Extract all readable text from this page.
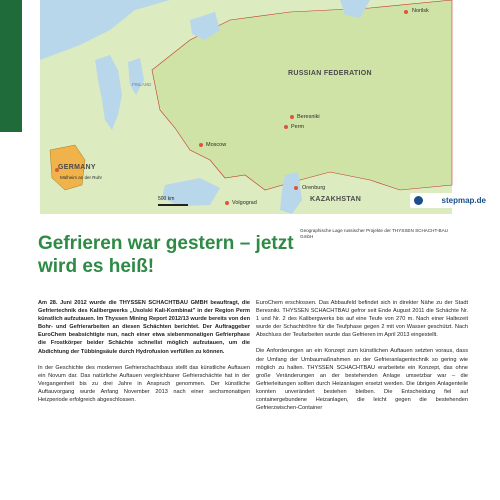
Norilsk
RUSSIAN FEDERATION
FINLAND
Moscow
Beresniki
Perm
KAZAKHSTAN
GERMANY
Mülheim an der Ruhr
Volgograd
Orenburg
500 km	stepmap.de
Geographische Lage russischer Projekte der THYSSEN SCHACHT-BAU GmbH
Gefrieren war gestern – jetzt wird es heiß!

Am 28. Juni 2012 wurde die THYSSEN SCHACHTBAU GMBH beauftragt, die Gefriertechnik des Kalibergwerks „Usolski Kali-Kombinat" in der Region Perm künstlich aufzutauen. Im Thyssen Mining Report 2012/13 wurde bereits von den Bohr- und Gefrierarbeiten an diesen Schächten berichtet. Der Auftraggeber EuroChem beabsichtigte nun, nach einer etwa siebenmonatigen Gefrierphase die Frostkörper beider Schächte schnellst möglich aufzutauen, um die Abdichtung der Tübbingsäule durch Hydrofusion verfüllen zu können.

In der Geschichte des modernen Gefrierschachtbaus stellt das künstliche Auftauen ein Novum dar. Das natürliche Auftauen vergleichbarer Gefrierschächte hat in der Vergangenheit bis zu drei Jahre in Anspruch genommen. Der künstliche Auftauvorgang wurde Anfang November 2013 nach einer sechsmonatigen Heizperiode erfolgreich abgeschlossen.

EuroChem erschlossen. Das Abbaufeld befindet sich in direkter Nähe zu der Stadt Beresniki. THYSSEN SCHACHTBAU gefror seit Ende August 2011 die Schächte Nr. 1 und Nr. 2 des Kalibergwerks bis auf eine Teufe von 270 m. Nach einer Haltezeit wurde der Schachtröhre für die Teufphase gegen 2 mit von Wasser geschützt. Nach Abschluss der Teufarbeiten wurde das Gefrieren im April 2013 eingestellt.

Die Anforderungen an ein Konzept zum künstlichen Auftauen setzten voraus, dass der Umfang der Umbaumaßnahmen an der Gefrieranlagentechnik so gering wie möglich zu halten. THYSSEN SCHACHTBAU erarbeitete ein Konzept, das ohne große Veränderungen an der bestehenden Anlage umsetzbar war – die Gefrierleitungen sollten durch Heizanlagen ersetzt werden. Die übrigen Anlagenteile konnten unverändert bestehen bleiben. Die Entscheidung fiel auf containergebundene Heizanlagen, die leicht gegen die bestehenden Gefrierzwischen-Container
